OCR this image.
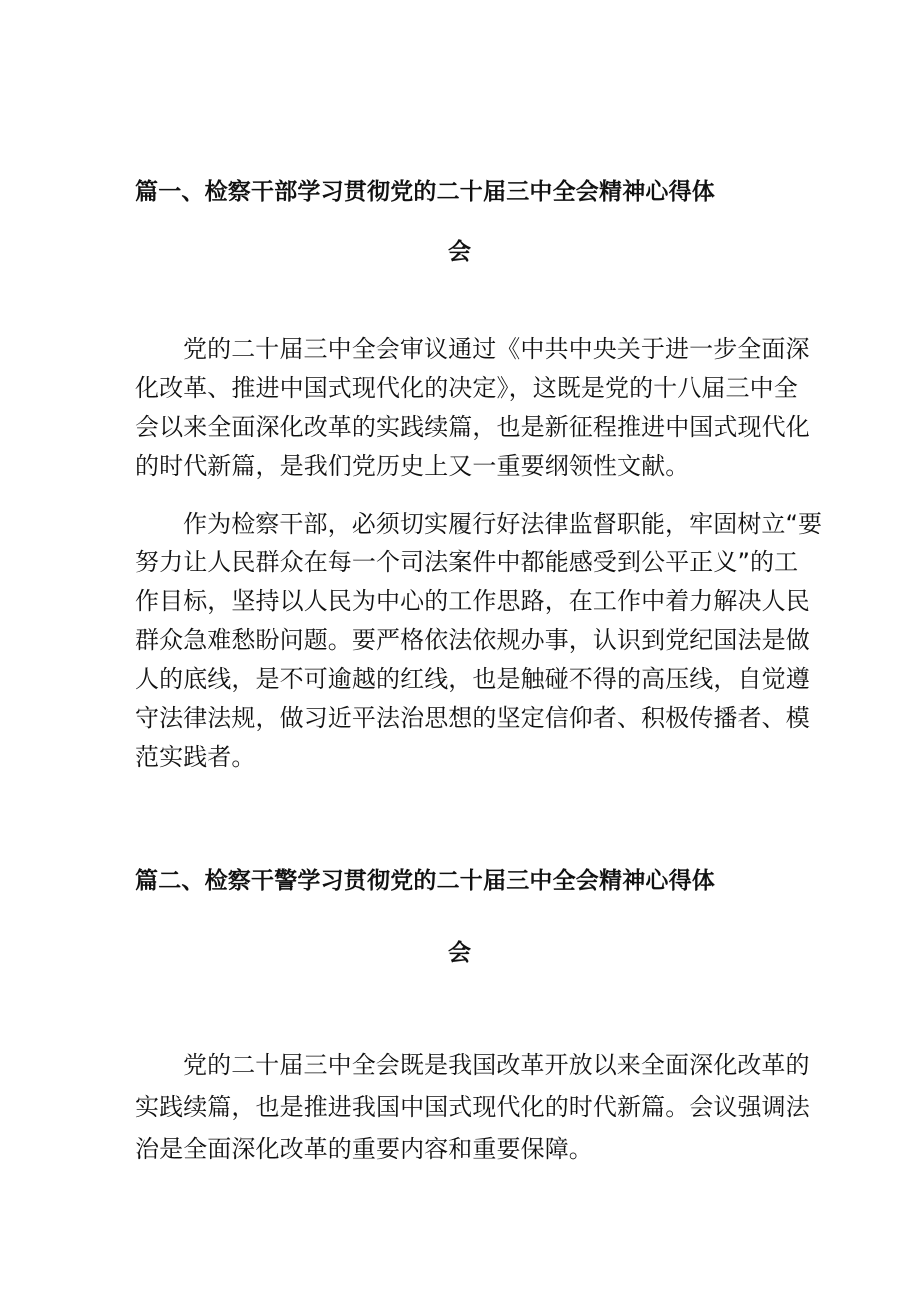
篇一、检察干部学习贯彻党的二十届三中全会精神心得体
会
党的二十届三中全会审议通过《中共中央关于进一步全面深
化改革、推进中国式现代化的决定》，这既是党的十八届三中全
会以来全面深化改革的实践续篇，也是新征程推进中国式现代化
的时代新篇，是我们党历史上又一重要纲领性文献。
作为检察干部，必须切实履行好法律监督职能，牢固树立“要
努力让人民群众在每一个司法案件中都能感受到公平正义”的工
作目标，坚持以人民为中心的工作思路，在工作中着力解决人民
群众急难愁盼问题。要严格依法依规办事，认识到党纪国法是做
人的底线，是不可逾越的红线，也是触碰不得的高压线，自觉遵
守法律法规，做习近平法治思想的坚定信仰者、积极传播者、模
范实践者。
篇二、检察干警学习贯彻党的二十届三中全会精神心得体
会
党的二十届三中全会既是我国改革开放以来全面深化改革的
实践续篇，也是推进我国中国式现代化的时代新篇。会议强调法
治是全面深化改革的重要内容和重要保障。
